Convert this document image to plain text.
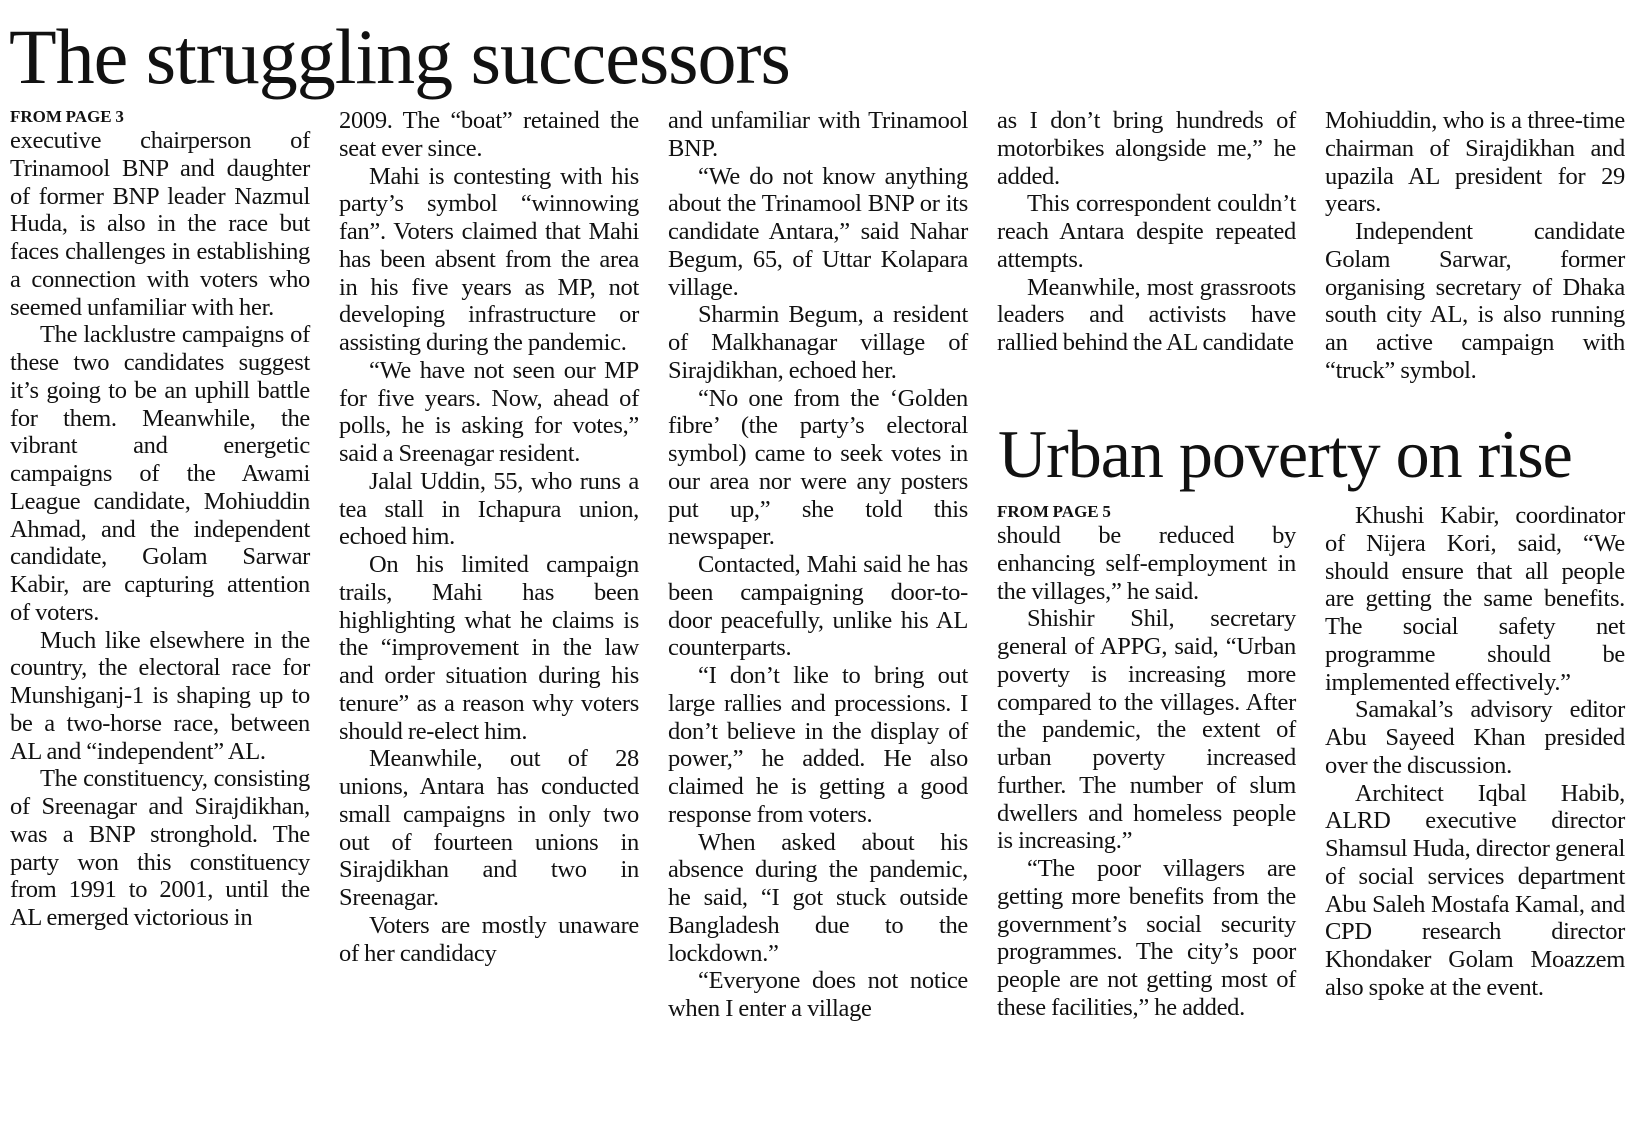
The struggling successors
FROM PAGE 3

executive chairperson of Trinamool BNP and daughter of former BNP leader Nazmul Huda, is also in the race but faces challenges in establishing a connection with voters who seemed unfamiliar with her.

The lacklustre campaigns of these two candidates suggest it’s going to be an uphill battle for them. Meanwhile, the vibrant and energetic campaigns of the Awami League candidate, Mohiuddin Ahmad, and the independent candidate, Golam Sarwar Kabir, are capturing attention of voters.

Much like elsewhere in the country, the electoral race for Munshiganj-1 is shaping up to be a two-horse race, between AL and “independent” AL.

The constituency, consisting of Sreenagar and Sirajdikhan, was a BNP stronghold. The party won this constituency from 1991 to 2001, until the AL emerged victorious in

2009. The “boat” retained the seat ever since.

Mahi is contesting with his party’s symbol “winnowing fan”. Voters claimed that Mahi has been absent from the area in his five years as MP, not developing infrastructure or assisting during the pandemic.

“We have not seen our MP for five years. Now, ahead of polls, he is asking for votes,” said a Sreenagar resident.

Jalal Uddin, 55, who runs a tea stall in Ichapura union, echoed him.

On his limited campaign trails, Mahi has been highlighting what he claims is the “improvement in the law and order situation during his tenure” as a reason why voters should re-elect him.

Meanwhile, out of 28 unions, Antara has conducted small campaigns in only two out of fourteen unions in Sirajdikhan and two in Sreenagar.

Voters are mostly unaware of her candidacy

and unfamiliar with Trinamool BNP.

“We do not know anything about the Trinamool BNP or its candidate Antara,” said Nahar Begum, 65, of Uttar Kolapara village.

Sharmin Begum, a resident of Malkhanagar village of Sirajdikhan, echoed her.

“No one from the ‘Golden fibre’ (the party’s electoral symbol) came to seek votes in our area nor were any posters put up,” she told this newspaper.

Contacted, Mahi said he has been campaigning door-to-door peacefully, unlike his AL counterparts.

“I don’t like to bring out large rallies and processions. I don’t believe in the display of power,” he added. He also claimed he is getting a good response from voters.

When asked about his absence during the pandemic, he said, “I got stuck outside Bangladesh due to the lockdown.”

“Everyone does not notice when I enter a village

as I don’t bring hundreds of motorbikes alongside me,” he added.

This correspondent couldn’t reach Antara despite repeated attempts.

Meanwhile, most grassroots leaders and activists have rallied behind the AL candidate

Mohiuddin, who is a three-time chairman of Sirajdikhan and upazila AL president for 29 years.

Independent candidate Golam Sarwar, former organising secretary of Dhaka south city AL, is also running an active campaign with “truck” symbol.

Urban poverty on rise
FROM PAGE 5

should be reduced by enhancing self-employment in the villages,” he said.

Shishir Shil, secretary general of APPG, said, “Urban poverty is increasing more compared to the villages. After the pandemic, the extent of urban poverty increased further. The number of slum dwellers and homeless people is increasing.”

“The poor villagers are getting more benefits from the government’s social security programmes. The city’s poor people are not getting most of these facilities,” he added.

Khushi Kabir, coordinator of Nijera Kori, said, “We should ensure that all people are getting the same benefits. The social safety net programme should be implemented effectively.”

Samakal’s advisory editor Abu Sayeed Khan presided over the discussion.

Architect Iqbal Habib, ALRD executive director Shamsul Huda, director general of social services department Abu Saleh Mostafa Kamal, and CPD research director Khondaker Golam Moazzem also spoke at the event.
